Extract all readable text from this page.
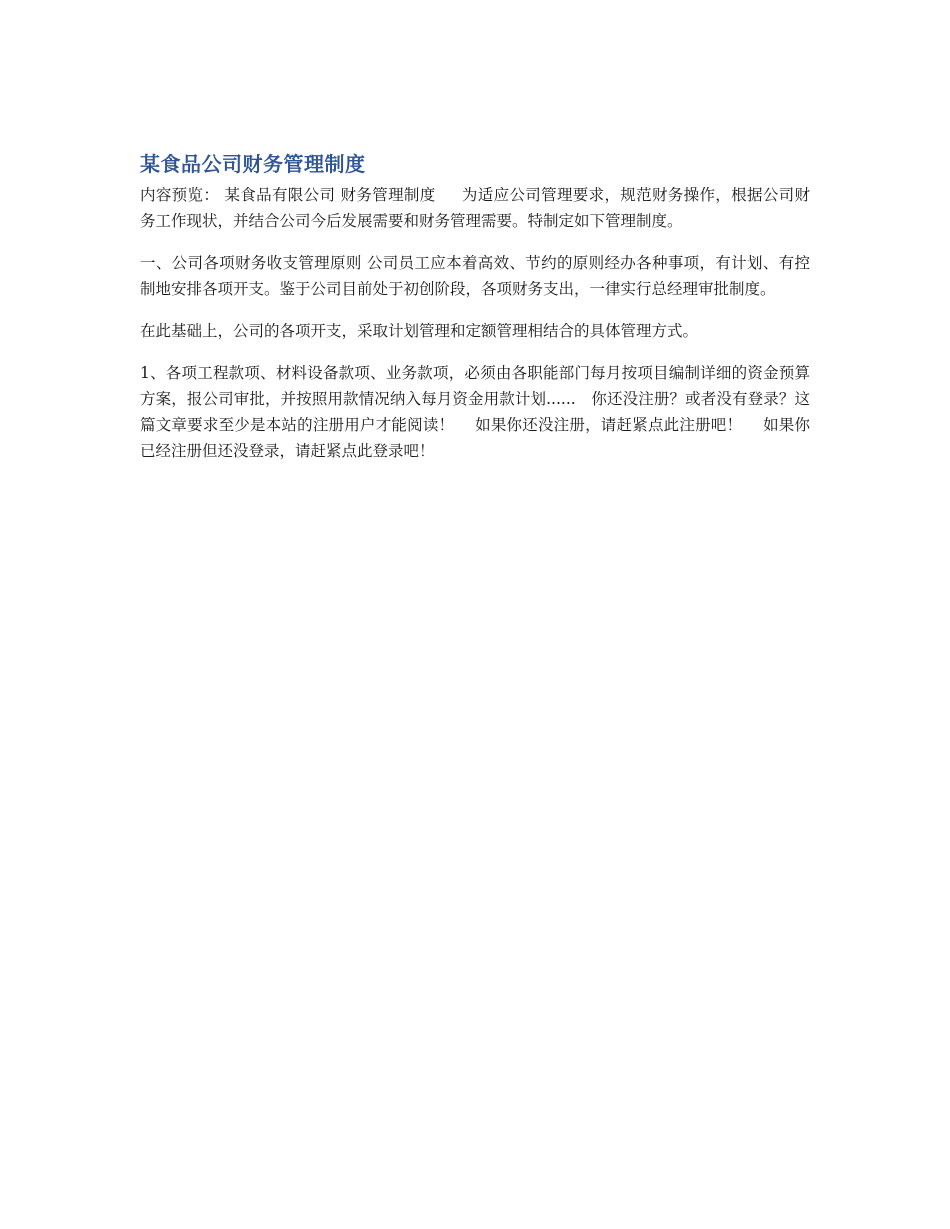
某食品公司财务管理制度

内容预览： 某食品有限公司 财务管理制度 　 为适应公司管理要求，规范财务操作，根据公司财务工作现状，并结合公司今后发展需要和财务管理需要。特制定如下管理制度。

一、公司各项财务收支管理原则 公司员工应本着高效、节约的原则经办各种事项，有计划、有控制地安排各项开支。鉴于公司目前处于初创阶段，各项财务支出，一律实行总经理审批制度。

在此基础上，公司的各项开支，采取计划管理和定额管理相结合的具体管理方式。

1、各项工程款项、材料设备款项、业务款项，必须由各职能部门每月按项目编制详细的资金预算方案，报公司审批，并按照用款情况纳入每月资金用款计划......　你还没注册？或者没有登录？这篇文章要求至少是本站的注册用户才能阅读！　 如果你还没注册，请赶紧点此注册吧！　 如果你已经注册但还没登录，请赶紧点此登录吧！
